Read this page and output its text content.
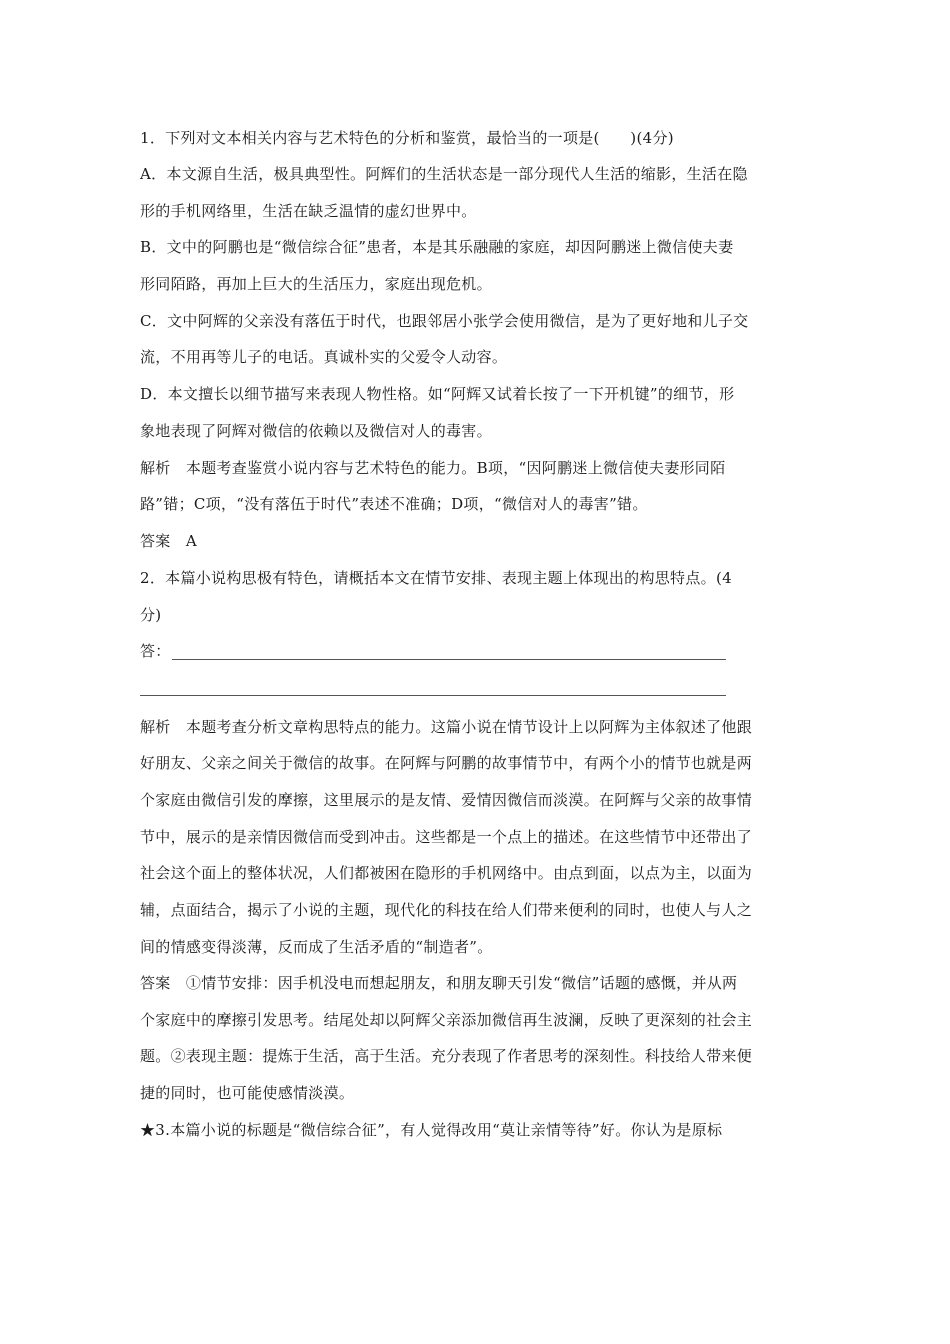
1．下列对文本相关内容与艺术特色的分析和鉴赏，最恰当的一项是(　　)(4分)
A．本文源自生活，极具典型性。阿辉们的生活状态是一部分现代人生活的缩影，生活在隐
形的手机网络里，生活在缺乏温情的虚幻世界中。
B．文中的阿鹏也是“微信综合征”患者，本是其乐融融的家庭，却因阿鹏迷上微信使夫妻
形同陌路，再加上巨大的生活压力，家庭出现危机。
C．文中阿辉的父亲没有落伍于时代，也跟邻居小张学会使用微信，是为了更好地和儿子交
流，不用再等儿子的电话。真诚朴实的父爱令人动容。
D．本文擅长以细节描写来表现人物性格。如“阿辉又试着长按了一下开机键”的细节，形
象地表现了阿辉对微信的依赖以及微信对人的毒害。
解析　本题考查鉴赏小说内容与艺术特色的能力。B项，“因阿鹏迷上微信使夫妻形同陌
路”错；C项，“没有落伍于时代”表述不准确；D项，“微信对人的毒害”错。
答案　A
2．本篇小说构思极有特色，请概括本文在情节安排、表现主题上体现出的构思特点。(4
分)
答：
解析　本题考查分析文章构思特点的能力。这篇小说在情节设计上以阿辉为主体叙述了他跟
好朋友、父亲之间关于微信的故事。在阿辉与阿鹏的故事情节中，有两个小的情节也就是两
个家庭由微信引发的摩擦，这里展示的是友情、爱情因微信而淡漠。在阿辉与父亲的故事情
节中，展示的是亲情因微信而受到冲击。这些都是一个点上的描述。在这些情节中还带出了
社会这个面上的整体状况，人们都被困在隐形的手机网络中。由点到面，以点为主，以面为
辅，点面结合，揭示了小说的主题，现代化的科技在给人们带来便利的同时，也使人与人之
间的情感变得淡薄，反而成了生活矛盾的“制造者”。
答案　①情节安排：因手机没电而想起朋友，和朋友聊天引发“微信”话题的感慨，并从两
个家庭中的摩擦引发思考。结尾处却以阿辉父亲添加微信再生波澜，反映了更深刻的社会主
题。②表现主题：提炼于生活，高于生活。充分表现了作者思考的深刻性。科技给人带来便
捷的同时，也可能使感情淡漠。
★3.本篇小说的标题是“微信综合征”，有人觉得改用“莫让亲情等待”好。你认为是原标
